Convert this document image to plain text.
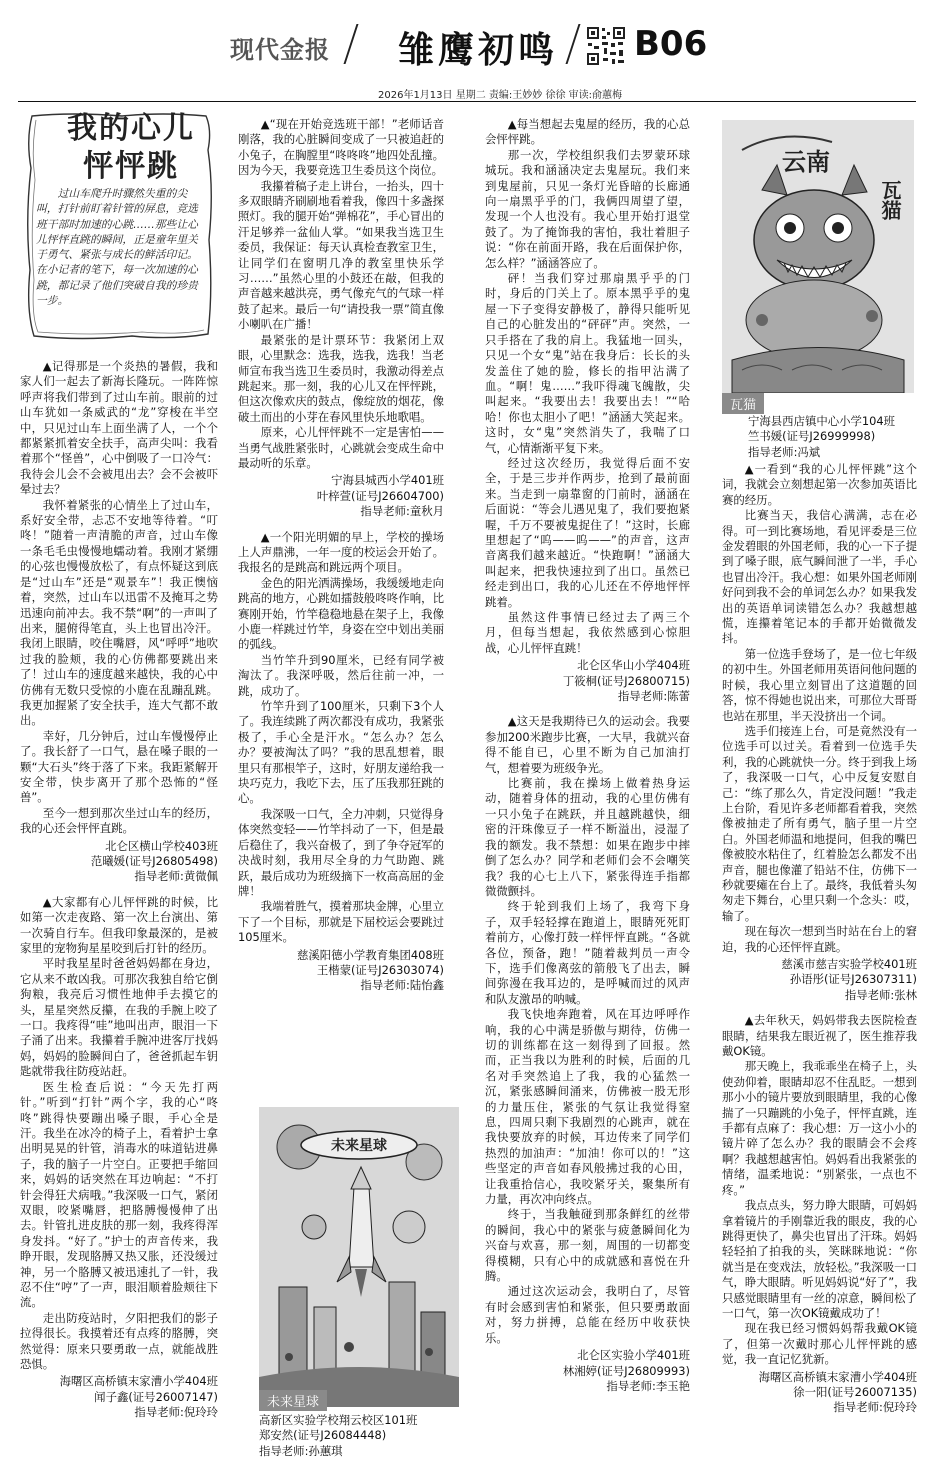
现代金报 雏鹰初鸣 B06
2026年1月13日 星期二 责编:王妙妙 徐徐 审读:俞蕙梅
我的心儿
怦怦跳
过山车爬升时骤然失重的尖叫，打针前盯着针管的屏息，竞选班干部时加速的心跳……那些让心儿怦怦直跳的瞬间，正是童年里关于勇气、紧张与成长的鲜活印记。在小记者的笔下，每一次加速的心跳，都记录了他们突破自我的珍贵一步。

▲记得那是一个炎热的暑假，我和家人们一起去了新海长隆玩。一阵阵惊呼声将我们带到了过山车前。眼前的过山车犹如一条威武的“龙”穿梭在半空中，只见过山车上面坐满了人，一个个都紧紧抓着安全扶手，高声尖叫：我看着那个“怪兽”，心中倒吸了一口冷气：我待会儿会不会被甩出去？会不会被吓晕过去？

我怀着紧张的心情坐上了过山车，系好安全带，忐忑不安地等待着。“叮咚！”随着一声清脆的声音，过山车像一条毛毛虫慢慢地蠕动着。我刚才紧绷的心弦也慢慢放松了，有点怀疑这到底是“过山车”还是“观景车”！我正懊恼着，突然，过山车以迅雷不及掩耳之势迅速向前冲去。我不禁“啊”的一声叫了出来，腿俯得笔直，头上也冒出冷汗。我闭上眼睛，咬住嘴唇，风“呼呼”地吹过我的脸颊，我的心仿佛都要跳出来了！过山车的速度越来越快，我的心中仿佛有无数只受惊的小鹿在乱蹦乱跳。我更加握紧了安全扶手，连大气都不敢出。

幸好，几分钟后，过山车慢慢停止了。我长舒了一口气，悬在嗓子眼的一颗“大石头”终于落了下来。我距紧解开安全带，快步离开了那个恐怖的“怪兽”。

至今一想到那次坐过山车的经历，我的心还会怦怦直跳。

北仑区横山学校403班
范曦媛(证号J26805498)
指导老师:黄微佩

▲大家都有心儿怦怦跳的时候，比如第一次走夜路、第一次上台演出、第一次骑自行车。但我印象最深的，是被家里的宠物狗星星咬到后打针的经历。

平时我星星时爸爸妈妈都在身边，它从来不敢凶我。可那次我独自给它倒狗粮，我亮后习惯性地伸手去摸它的头，星星突然反攥，在我的手腕上咬了一口。我疼得“哇”地叫出声，眼泪一下子涌了出来。我攥着手腕冲进客厅找妈妈，妈妈的脸瞬间白了，爸爸抓起车钥匙就带我往防疫站赶。

医生检查后说：“今天先打两针。”听到“打针”两个字，我的心“咚咚”跳得快要蹦出嗓子眼，手心全是汗。我坐在冰冷的椅子上，看着护士拿出明晃晃的针管，消毒水的味道钻进鼻子，我的脑子一片空白。正要把手缩回来，妈妈的话突然在耳边响起：“不打针会得狂犬病哦。”我深吸一口气，紧闭双眼，咬紧嘴唇，把胳膊慢慢伸了出去。针管扎进皮肤的那一刻，我疼得浑身发抖。“好了。”护士的声音传来，我睁开眼，发现胳膊又热又胀，还没缓过神，另一个胳膊又被迅速扎了一针，我忍不住“哼”了一声，眼泪顺着脸颊往下流。

走出防疫站时，夕阳把我们的影子拉得很长。我摸着还有点疼的胳膊，突然觉得：原来只要勇敢一点，就能战胜恐惧。

海曙区高桥镇末家漕小学404班
闻子鑫(证号26007147)
指导老师:倪玲玲

▲“现在开始竞选班干部！”老师话音刚落，我的心脏瞬间变成了一只被追赶的小兔子，在胸膛里“咚咚咚”地四处乱撞。因为今天，我要竞选卫生委员这个岗位。

我攥着稿子走上讲台，一抬头，四十多双眼睛齐刷刷地看着我，像四十多盏探照灯。我的腿开始“弹棉花”，手心冒出的汗足够养一盆仙人掌。“如果我当选卫生委员，我保证：每天认真检查教室卫生，让同学们在窗明几净的教室里快乐学习……”虽然心里的小鼓还在敲，但我的声音越来越洪亮，勇气像充气的气球一样鼓了起来。最后一句“请投我一票”简直像小喇叭在广播！

最紧张的是计票环节：我紧闭上双眼，心里默念：选我，选我，选我！当老师宣布我当选卫生委员时，我激动得差点跳起来。那一刻，我的心儿又在怦怦跳，但这次像欢庆的鼓点，像绽放的烟花，像破土而出的小芽在春风里快乐地歌唱。

原来，心儿怦怦跳不一定是害怕——当勇气战胜紧张时，心跳就会变成生命中最动听的乐章。

宁海县城西小学401班
叶梓萱(证号J26604700)
指导老师:童秋月

▲一个阳光明媚的早上，学校的操场上人声鼎沸，一年一度的校运会开始了。我报名的是跳高和跳远两个项目。

金色的阳光洒满操场，我缓缓地走向跳高的地方，心跳如擂鼓般咚咚作响，比赛刚开始，竹竿稳稳地悬在架子上，我像小鹿一样跳过竹竿，身姿在空中划出美丽的弧线。

当竹竿升到90厘米，已经有同学被淘汰了。我深呼吸，然后往前一冲，一跳，成功了。

竹竿升到了100厘米，只剩下3个人了。我连续跳了两次都没有成功，我紧张极了，手心全是汗水。“怎么办？怎么办？要被淘汰了吗？”我的思乱想着，眼里只有那根竿子，这时，好朋友递给我一块巧克力，我吃下去，压了压我那狂跳的心。

我深吸一口气，全力冲刺，只觉得身体突然变轻——竹竿抖动了一下，但是最后稳住了，我兴奋极了，到了争夺冠军的决战时刻，我用尽全身的力气助跑、跳跃，最后成功为班级摘下一枚高高屈的金牌！

我端着胜气，摸着那块金牌，心里立下了一个目标，那就是下届校运会要跳过105厘米。

慈溪阳德小学教育集团408班
王楷蒙(证号J26303074)
指导老师:陆怡鑫
未来星球
未来星球
高新区实验学校翔云校区101班
郑安然(证号J26084448)
指导老师:孙蕙琪

▲每当想起去鬼屋的经历，我的心总会怦怦跳。

那一次，学校组织我们去罗蒙环球城玩。我和涵涵决定去鬼屋玩。我们来到鬼屋前，只见一条灯光昏暗的长廊通向一扇黑乎乎的门，我俩四周望了望，发现一个人也没有。我心里开始打退堂鼓了。为了掩饰我的害怕，我壮着胆子说：“你在前面开路，我在后面保护你，怎么样？”涵涵答应了。

砰！当我们穿过那扇黑乎乎的门时，身后的门关上了。原本黑乎乎的鬼屋一下子变得安静极了，静得只能听见自己的心脏发出的“砰砰”声。突然，一只手搭在了我的肩上。我猛地一回头，只见一个女“鬼”站在我身后：长长的头发盖住了她的脸，修长的指甲沾满了血。“啊！鬼……”我吓得魂飞魄散，尖叫起来。“我要出去！我要出去！”“哈哈！你也太胆小了吧！”涵涵大笑起来。这时，女“鬼”突然消失了，我喘了口气，心情渐渐平复下来。

经过这次经历，我觉得后面不安全，于是三步并作两步，抢到了最前面来。当走到一扇靠窗的门前时，涵涵在后面说：“等会儿遇见鬼了，我们要抱紧喔，千万不要被鬼捉住了！”这时，长廊里想起了“呜——呜——”的声音，这声音离我们越来越近。“快跑啊！”涵涵大叫起来，把我快速拉到了出口。虽然已经走到出口，我的心儿还在不停地怦怦跳着。

虽然这件事情已经过去了两三个月，但每当想起，我依然感到心惊胆战，心儿怦怦直跳！

北仑区华山小学404班
丁筱桐(证号J26800715)
指导老师:陈蕾

▲这天是我期待已久的运动会。我要参加200米跑步比赛，一大早，我就兴奋得不能自已，心里不断为自己加油打气，想着要为班级争光。

比赛前，我在操场上做着热身运动，随着身体的扭动，我的心里仿佛有一只小兔子在跳跃，并且越跳越快，细密的汗珠像豆子一样不断溢出，浸湿了我的额发。我不禁想：如果在跑步中摔倒了怎么办？同学和老师们会不会嘲笑我？我的心七上八下，紧张得连手指都微微颤抖。

终于轮到我们上场了，我弯下身子，双手轻轻撑在跑道上，眼睛死死盯着前方，心像打鼓一样怦怦直跳。“各就各位，预备，跑！”随着裁判员一声令下，选手们像离弦的箭般飞了出去，瞬间弥漫在我耳边的，是呼喊而过的风声和队友激昂的呐喊。

我飞快地奔跑着，风在耳边呼呼作响，我的心中满是骄傲与期待，仿佛一切的训练都在这一刻得到了回报。然而，正当我以为胜利的时候，后面的几名对手突然追上了我，我的心猛然一沉，紧张感瞬间涌来，仿佛被一股无形的力量压住，紧张的气氛让我觉得窒息，四周只剩下我剧烈的心跳声，就在我快要放弃的时候，耳边传来了同学们热烈的加油声：“加油！你可以的！”这些坚定的声音如春风般拂过我的心田，让我重拾信心，我咬紧牙关，聚集所有力量，再次冲向终点。

终于，当我触碰到那条鲜红的丝带的瞬间，我心中的紧张与疲惫瞬间化为兴奋与欢喜，那一刻，周围的一切都变得模糊，只有心中的成就感和喜悦在升腾。

通过这次运动会，我明白了，尽管有时会感到害怕和紧张，但只要勇敢面对，努力拼搏，总能在经历中收获快乐。

北仑区实验小学401班
林湘婷(证号J26809993)
指导老师:李玉艳
云南
瓦猫
瓦猫
宁海县西店镇中心小学104班
竺书媛(证号J26999998)
指导老师:冯斌

▲一看到“我的心儿怦怦跳”这个词，我就会立刻想起第一次参加英语比赛的经历。

比赛当天，我信心满满，志在必得。可一到比赛场地，看见评委是三位金发碧眼的外国老师，我的心一下子提到了嗓子眼，底气瞬间泄了一半，手心也冒出冷汗。我心想：如果外国老师刚好问到我不会的单词怎么办？如果我发出的英语单词读错怎么办？我越想越慌，连攥着笔记本的手都开始微微发抖。

第一位选手登场了，是一位七年级的初中生。外国老师用英语问他问题的时候，我心里立刻冒出了这道题的回答，惊不得她也说出来，可那位大哥哥也站在那里，半天没挤出一个词。

选手们接连上台，可是竟然没有一位选手可以过关。看着到一位选手失利，我的心跳就快一分。终于到我上场了，我深吸一口气，心中反复安慰自己：“练了那么久，肯定没问题！”我走上台阶，看见许多老师都看着我，突然像被抽走了所有勇气，脑子里一片空白。外国老师温和地提问，但我的嘴巴像被胶水粘住了，红着脸怎么都发不出声音，腿也像灌了铅站不住，仿佛下一秒就要瘫在台上了。最终，我低着头匆匆走下舞台，心里只剩一个念头：哎，输了。

现在每次一想到当时站在台上的窘迫，我的心还怦怦直跳。

慈溪市慈吉实验学校401班
孙语彤(证号J26307311)
指导老师:张林

▲去年秋天，妈妈带我去医院检查眼睛，结果我左眼近视了，医生推荐我戴OK镜。

那天晚上，我乖乖坐在椅子上，头使劲仰着，眼睛却忍不住乱眨。一想到那小小的镜片要放到眼睛里，我的心像揣了一只蹦跳的小兔子，怦怦直跳，连手都有点麻了：我心想：万一这小小的镜片碎了怎么办？我的眼睛会不会疼啊？我越想越害怕。妈妈看出我紧张的情绪，温柔地说：“别紧张，一点也不疼。”

我点点头，努力睁大眼睛，可妈妈拿着镜片的手刚靠近我的眼皮，我的心跳得更快了，鼻尖也冒出了汗珠。妈妈轻轻拍了拍我的头，笑眯眯地说：“你就当是在变戏法，放轻松。”我深吸一口气，睁大眼睛。听见妈妈说“好了”，我只感觉眼睛里有一丝的凉意，瞬间松了一口气，第一次OK镜戴成功了！

现在我已经习惯妈妈帮我戴OK镜了，但第一次戴时那心儿怦怦跳的感觉，我一直记忆犹新。

海曙区高桥镇末家漕小学404班
徐一阳(证号26007135)
指导老师:倪玲玲
